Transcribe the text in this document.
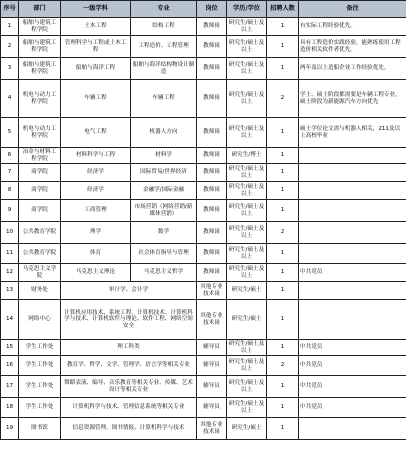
序号	部门	一级学科	专业	岗位	学历/学位	招聘人数	备注
1	船舶与建筑工程学院	土木工程	结构工程	教师岗	研究生/硕士及以上	1	有实际工程经验优先。
2	船舶与建筑工程学院	管理科学与工程或土木工程	工程造价、工程管理	教师岗	研究生/硕士及以上	1	具有工程造价实践经验，能熟练使用工程造价相关软件者优先。
3	船舶与建筑工程学院	船舶与海洋工程	船舶与海洋结构物设计制造	教师岗	研究生/硕士及以上	1	两年及以上造船企业工作经验优先。
4	机电与动力工程学院	车辆工程	车辆工程	教师岗	研究生/硕士及以上	2	学士、硕士阶段都需要是车辆工程专业，硕士阶段为新能源汽车方向优先
5	机电与动力工程学院	电气工程	机器人方向	教师岗	研究生/硕士及以上	1	硕士学位论文需与机器人相关，211及以上高校毕业
6	冶金与材料工程学院	材料科学与工程	材料学	教师岗	研究生/博士	1	
7	商学院	经济学	国际贸易/世界经济	教师岗	研究生/硕士及以上	1	
8	商学院	经济学	金融学/国际金融	教师岗	研究生/硕士及以上	1	
9	商学院	工商管理	市场营销（网络营销/新媒体营销）	教师岗	研究生/硕士及以上	1	
10	公共教育学院	理学	数学	教师岗	研究生/硕士及以上	2	
11	公共教育学院	体育	社会体育指导与管理	教师岗	研究生/硕士及以上	1	
12	马克思主义学院	马克思主义理论	马克思主义哲学	教师岗	研究生/硕士及以上	1	中共党员
13	财务处	审计学、会计学		其他专业技术岗	研究生/硕士	1	
14	网络中心	计算机应用技术、系统工程、计算机技术、计算机科学与技术、计算机软件与理论、软件工程、网络空间安全		其他专业技术岗	研究生/硕士	1	
15	学生工作处	理工科类		辅导员	研究生/硕士及以上	1	中共党员
16	学生工作处	教育学、哲学、文学、管理学、语言学等相关专业		辅导员	研究生/硕士及以上	2	中共党员
17	学生工作处	舞蹈表演、编导、音乐教育等相关专业、传媒、艺术设计等相关专业		辅导员	研究生/硕士及以上	1	中共党员
18	学生工作处	计算机科学与技术、管理信息系统等相关专业		辅导员	研究生/硕士及以上	1	中共党员
19	图书馆	信息资源管理、图书情报、计算机科学与技术		其他专业技术岗	研究生/硕士	1	
